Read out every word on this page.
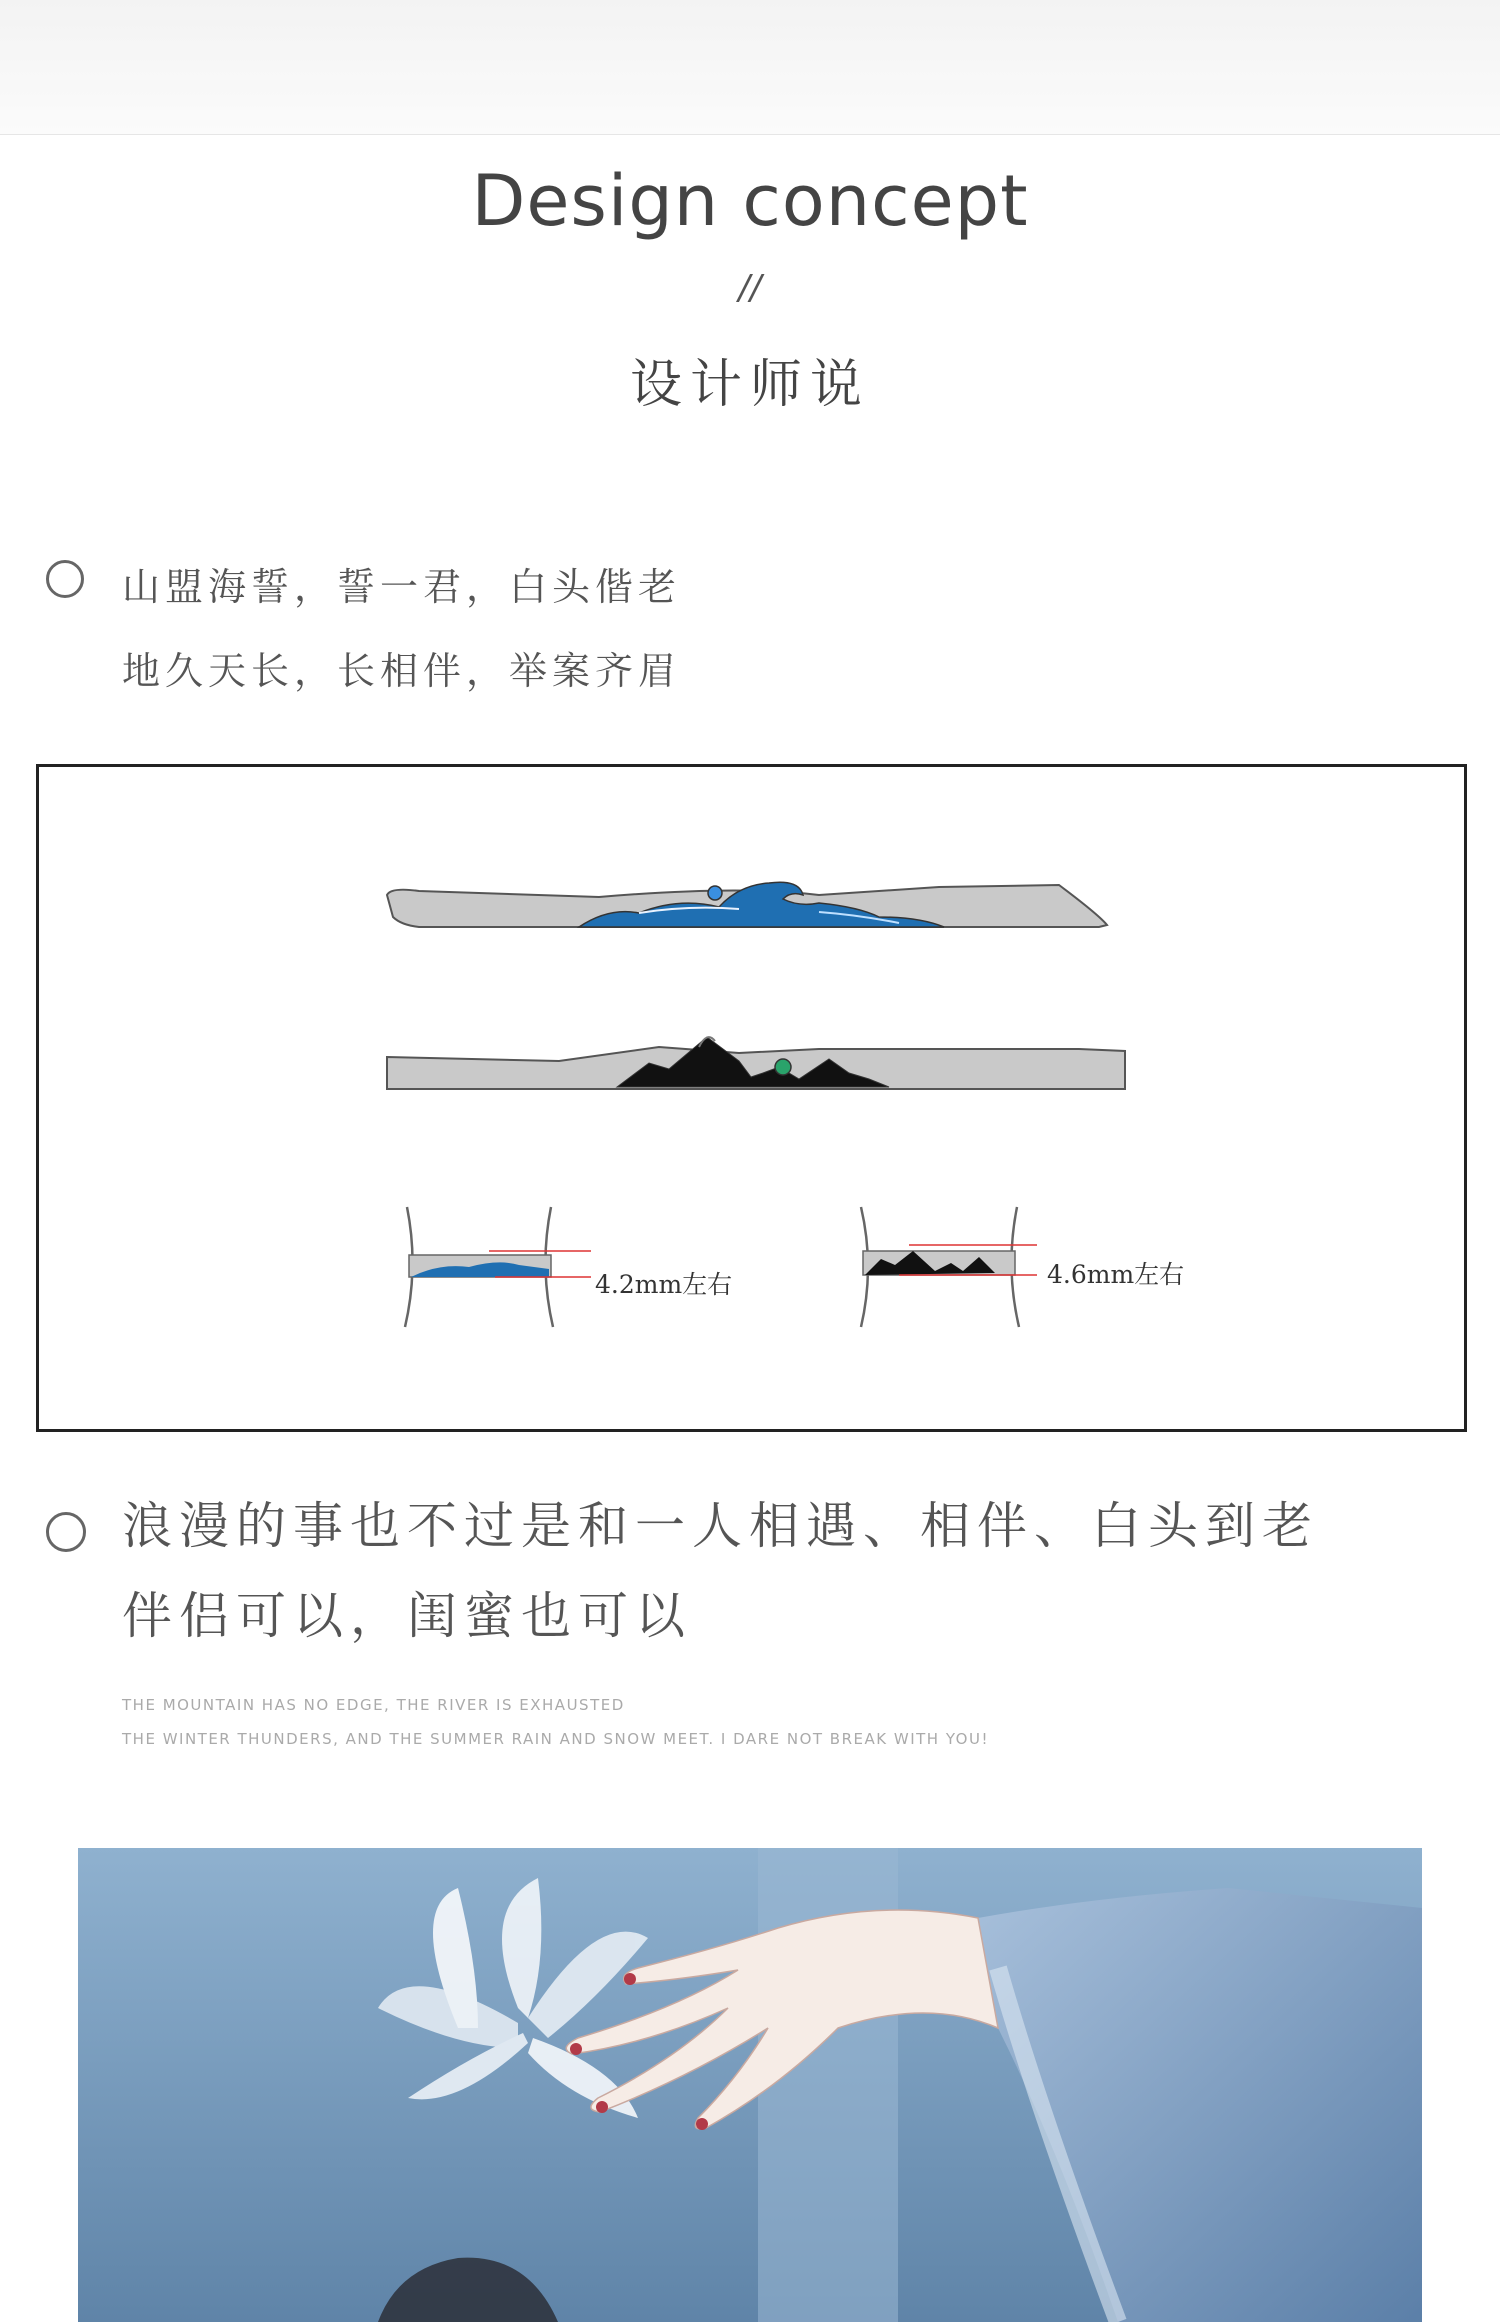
Design concept
//
设计师说
山盟海誓，誓一君，白头偕老
地久天长，长相伴，举案齐眉
4.2mm左右	4.6mm左右
浪漫的事也不过是和一人相遇、相伴、白头到老
伴侣可以，闺蜜也可以
THE MOUNTAIN HAS NO EDGE, THE RIVER IS EXHAUSTED
THE WINTER THUNDERS, AND THE SUMMER RAIN AND SNOW MEET. I DARE NOT BREAK WITH YOU!
